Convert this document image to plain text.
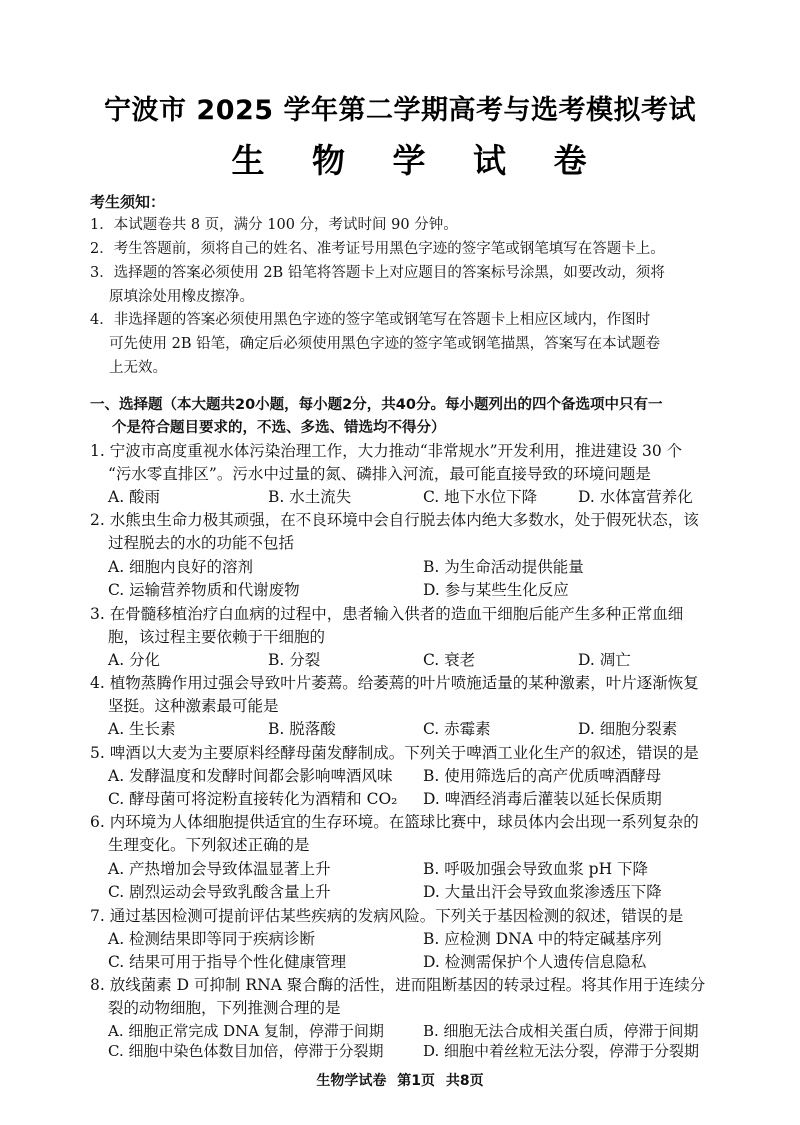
宁波市 2025 学年第二学期高考与选考模拟考试
生 物 学 试 卷
考生须知：
1．本试题卷共 8 页，满分 100 分，考试时间 90 分钟。
2．考生答题前，须将自己的姓名、准考证号用黑色字迹的签字笔或钢笔填写在答题卡上。
3．选择题的答案必须使用 2B 铅笔将答题卡上对应题目的答案标号涂黑，如要改动，须将
原填涂处用橡皮擦净。
4．非选择题的答案必须使用黑色字迹的签字笔或钢笔写在答题卡上相应区域内，作图时
可先使用 2B 铅笔，确定后必须使用黑色字迹的签字笔或钢笔描黑，答案写在本试题卷
上无效。
一、选择题（本大题共20小题，每小题2分，共40分。每小题列出的四个备选项中只有一
个是符合题目要求的，不选、多选、错选均不得分）
1. 宁波市高度重视水体污染治理工作，大力推动“非常规水”开发利用，推进建设 30 个
“污水零直排区”。污水中过量的氮、磷排入河流，最可能直接导致的环境问题是
A. 酸雨	B. 水土流失	C. 地下水位下降	D. 水体富营养化
2. 水熊虫生命力极其顽强，在不良环境中会自行脱去体内绝大多数水，处于假死状态，该
过程脱去的水的功能不包括
A. 细胞内良好的溶剂	B. 为生命活动提供能量
C. 运输营养物质和代谢废物	D. 参与某些生化反应
3. 在骨髓移植治疗白血病的过程中，患者输入供者的造血干细胞后能产生多种正常血细
胞，该过程主要依赖于干细胞的
A. 分化	B. 分裂	C. 衰老	D. 凋亡
4. 植物蒸腾作用过强会导致叶片萎蔫。给萎蔫的叶片喷施适量的某种激素，叶片逐渐恢复
坚挺。这种激素最可能是
A. 生长素	B. 脱落酸	C. 赤霉素	D. 细胞分裂素
5. 啤酒以大麦为主要原料经酵母菌发酵制成。下列关于啤酒工业化生产的叙述，错误的是
A. 发酵温度和发酵时间都会影响啤酒风味 B. 使用筛选后的高产优质啤酒酵母
C. 酵母菌可将淀粉直接转化为酒精和 CO₂ D. 啤酒经消毒后灌装以延长保质期
6. 内环境为人体细胞提供适宜的生存环境。在篮球比赛中，球员体内会出现一系列复杂的
生理变化。下列叙述正确的是
A. 产热增加会导致体温显著上升	B. 呼吸加强会导致血浆 pH 下降
C. 剧烈运动会导致乳酸含量上升	D. 大量出汗会导致血浆渗透压下降
7. 通过基因检测可提前评估某些疾病的发病风险。下列关于基因检测的叙述，错误的是
A. 检测结果即等同于疾病诊断	B. 应检测 DNA 中的特定碱基序列
C. 结果可用于指导个性化健康管理	D. 检测需保护个人遗传信息隐私
8. 放线菌素 D 可抑制 RNA 聚合酶的活性，进而阻断基因的转录过程。将其作用于连续分
裂的动物细胞，下列推测合理的是
A. 细胞正常完成 DNA 复制，停滞于间期	B. 细胞无法合成相关蛋白质，停滞于间期
C. 细胞中染色体数目加倍，停滞于分裂期	D. 细胞中着丝粒无法分裂，停滞于分裂期
生物学试卷 第1页 共8页
